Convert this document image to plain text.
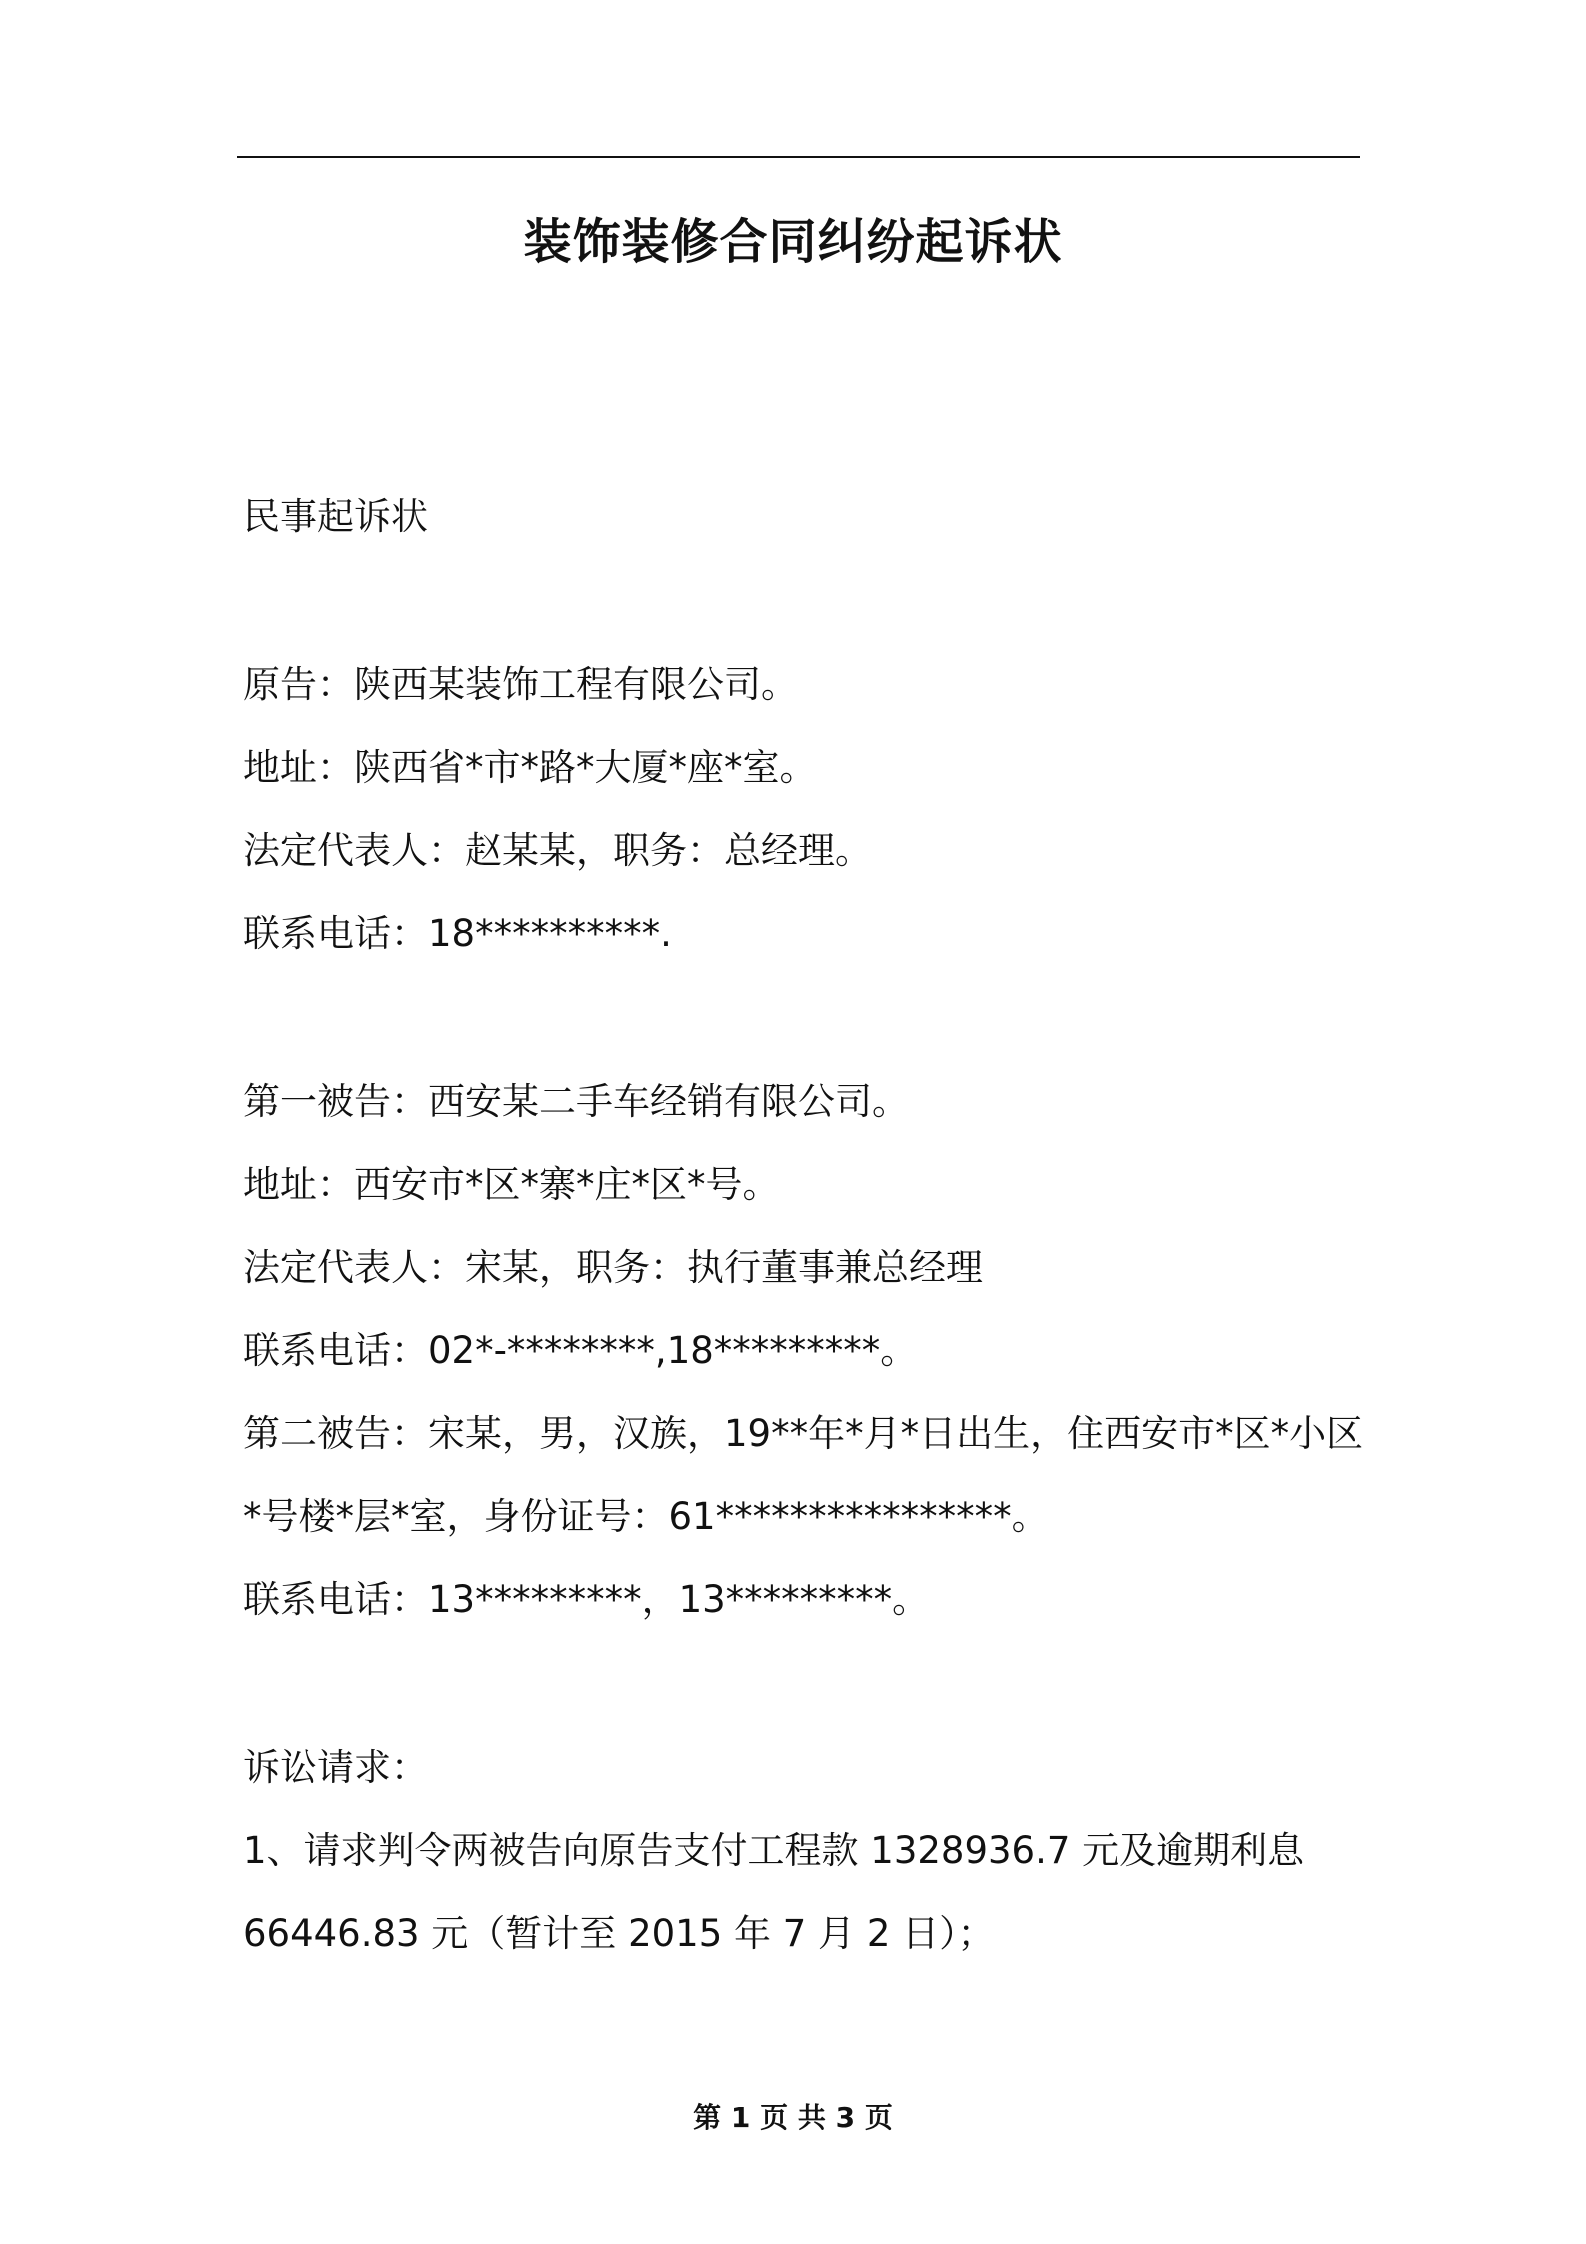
装饰装修合同纠纷起诉状
民事起诉状
原告：陕西某装饰工程有限公司。
地址：陕西省*市*路*大厦*座*室。
法定代表人：赵某某，职务：总经理。
联系电话：18**********.
第一被告：西安某二手车经销有限公司。
地址：西安市*区*寨*庄*区*号。
法定代表人：宋某，职务：执行董事兼总经理
联系电话：02*-********,18*********。
第二被告：宋某，男，汉族，19**年*月*日出生，住西安市*区*小区
*号楼*层*室，身份证号：61****************。
联系电话：13*********，13*********。
诉讼请求：
1、请求判令两被告向原告支付工程款 1328936.7 元及逾期利息
66446.83 元（暂计至 2015 年 7 月 2 日）；
第 1 页 共 3 页
